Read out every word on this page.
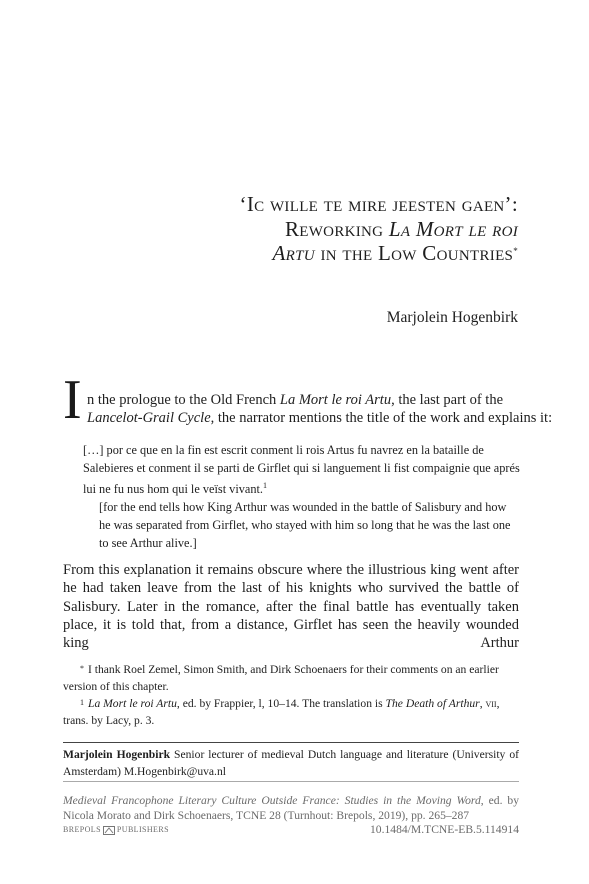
‘Ic wille te mire jeesten gaen’:
Reworking La Mort le roi
Artu in the Low Countries*
Marjolein Hogenbirk
I n the prologue to the Old French La Mort le roi Artu, the last part of the
Lancelot-Grail Cycle, the narrator mentions the title of the work and explains it:
[…] por ce que en la fin est escrit conment li rois Artus fu navrez en la bataille de Salebieres et conment il se parti de Girflet qui si languement li fist compaignie que aprés lui ne fu nus hom qui le veïst vivant.$^1$
[for the end tells how King Arthur was wounded in the battle of Salisbury and how he was separated from Girflet, who stayed with him so long that he was the last one to see Arthur alive.]
From this explanation it remains obscure where the illustrious king went after he had taken leave from the last of his knights who survived the battle of Salisbury. Later in the romance, after the final battle has eventually taken place, it is told that, from a distance, Girflet has seen the heavily wounded king Arthur
* I thank Roel Zemel, Simon Smith, and Dirk Schoenaers for their comments on an earlier version of this chapter.
$^1$ La Mort le roi Artu, ed. by Frappier, l, 10–14. The translation is The Death of Arthur, vii, trans. by Lacy, p. 3.
Marjolein Hogenbirk Senior lecturer of medieval Dutch language and literature (University of Amsterdam) M.Hogenbirk@uva.nl
Medieval Francophone Literary Culture Outside France: Studies in the Moving Word, ed. by Nicola Morato and Dirk Schoenaers, TCNE 28 (Turnhout: Brepols, 2019), pp. 265–287
BREPOLS PUBLISHERS	10.1484/M.TCNE-EB.5.114914
